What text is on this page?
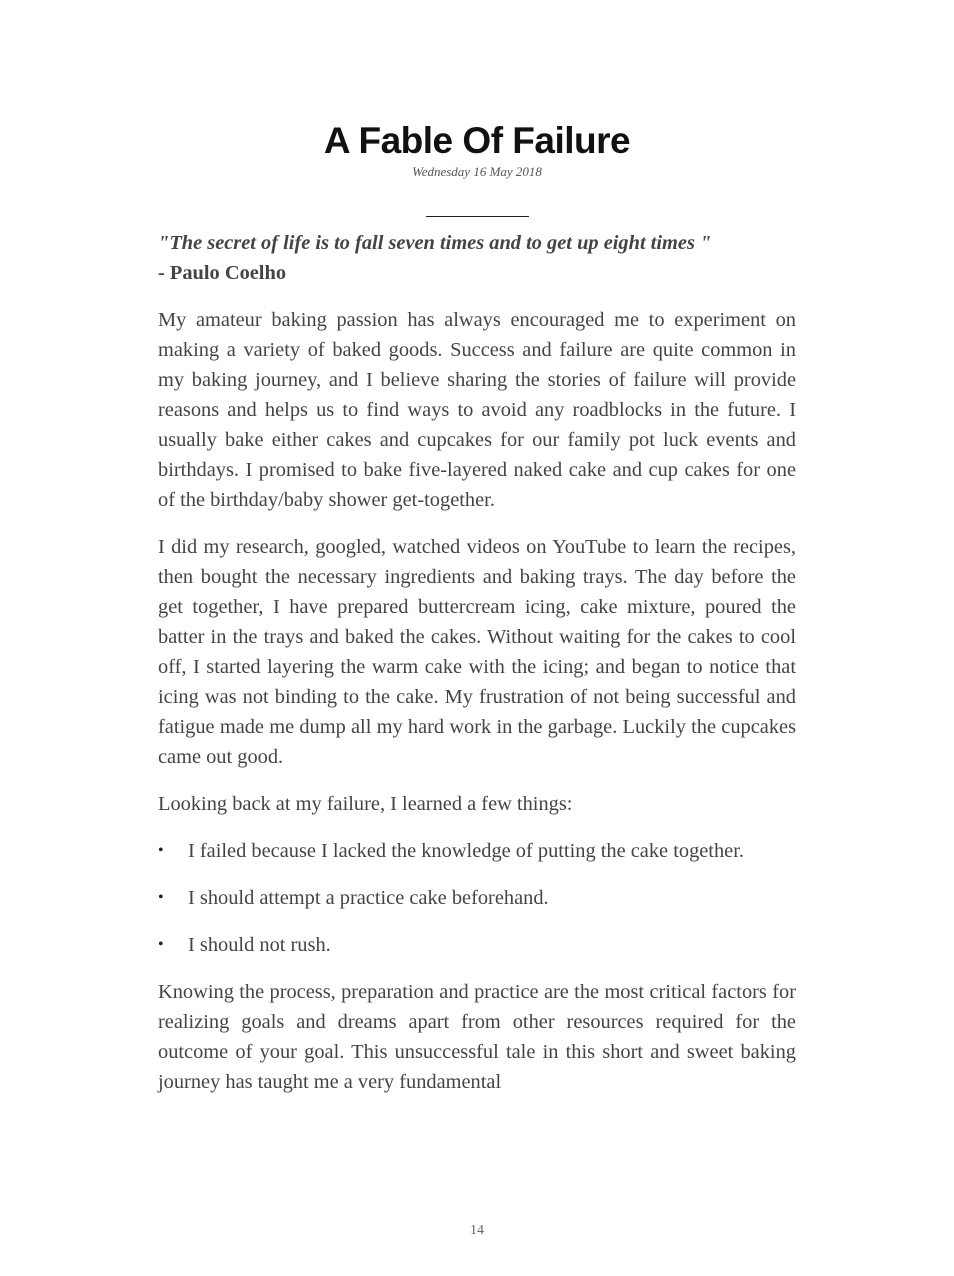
A Fable Of Failure
Wednesday 16 May 2018
"The secret of life is to fall seven times and to get up eight times "
- Paulo Coelho

My amateur baking passion has always encouraged me to experiment on making a variety of baked goods. Success and failure are quite common in my baking journey, and I believe sharing the stories of failure will provide reasons and helps us to find ways to avoid any roadblocks in the future. I usually bake either cakes and cupcakes for our family pot luck events and birthdays. I promised to bake five-layered naked cake and cup cakes for one of the birthday/baby shower get-together.

I did my research, googled, watched videos on YouTube to learn the recipes, then bought the necessary ingredients and baking trays. The day before the get together, I have prepared buttercream icing, cake mixture, poured the batter in the trays and baked the cakes. Without waiting for the cakes to cool off, I started layering the warm cake with the icing; and began to notice that icing was not binding to the cake. My frustration of not being successful and fatigue made me dump all my hard work in the garbage. Luckily the cupcakes came out good.

Looking back at my failure, I learned a few things:

• I failed because I lacked the knowledge of putting the cake together.
• I should attempt a practice cake beforehand.
• I should not rush.

Knowing the process, preparation and practice are the most critical factors for realizing goals and dreams apart from other resources required for the outcome of your goal. This unsuccessful tale in this short and sweet baking journey has taught me a very fundamental

14
